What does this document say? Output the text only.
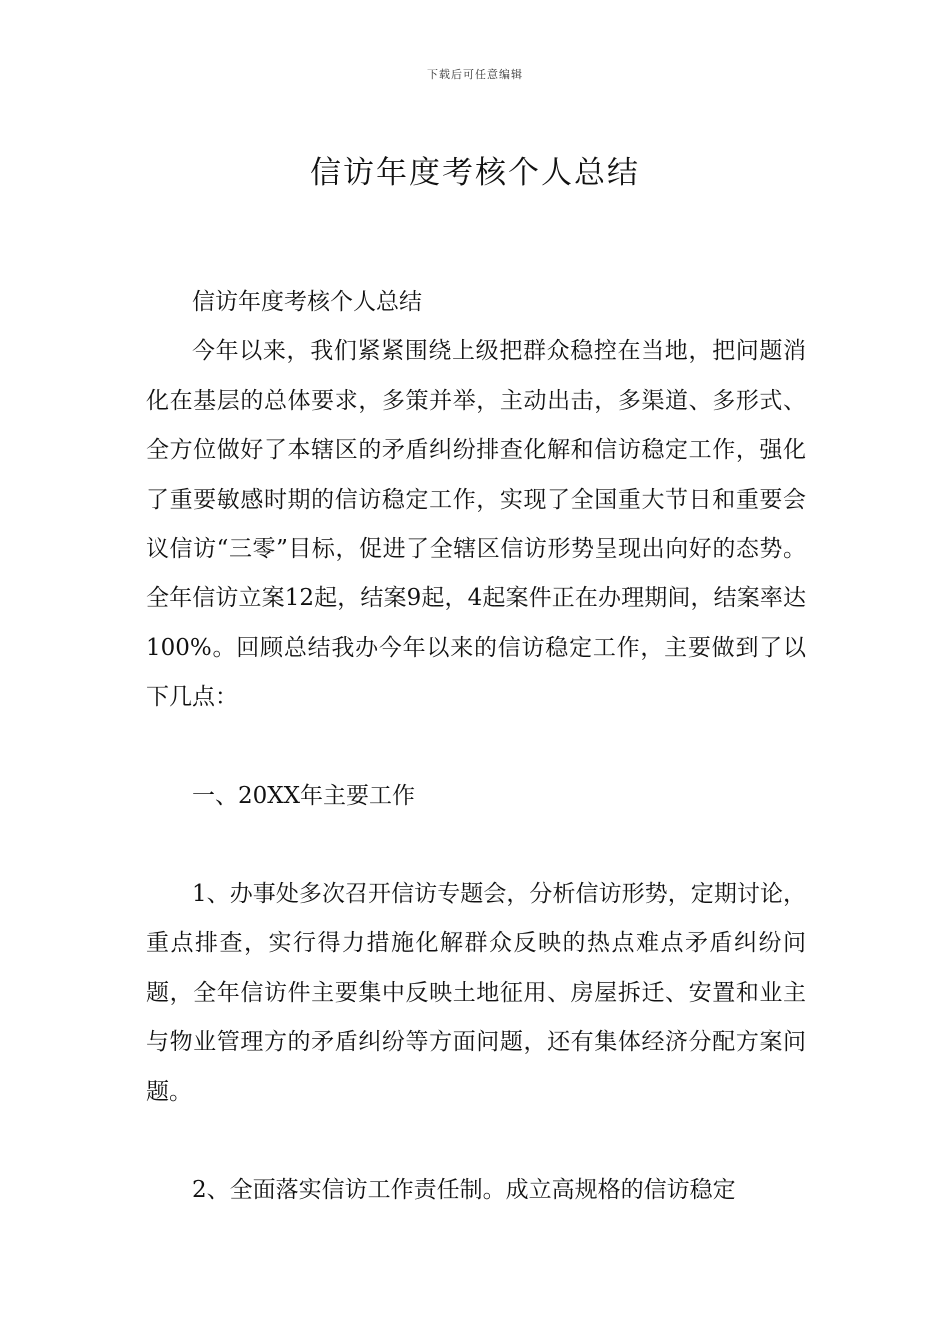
下载后可任意编辑
信访年度考核个人总结

信访年度考核个人总结

今年以来，我们紧紧围绕上级把群众稳控在当地，把问题消化在基层的总体要求，多策并举，主动出击，多渠道、多形式、全方位做好了本辖区的矛盾纠纷排查化解和信访稳定工作，强化了重要敏感时期的信访稳定工作，实现了全国重大节日和重要会议信访“三零”目标，促进了全辖区信访形势呈现出向好的态势。全年信访立案12起，结案9起，4起案件正在办理期间，结案率达100%。回顾总结我办今年以来的信访稳定工作，主要做到了以下几点：

一、20XX年主要工作

1、办事处多次召开信访专题会，分析信访形势，定期讨论，重点排查，实行得力措施化解群众反映的热点难点矛盾纠纷问题，全年信访件主要集中反映土地征用、房屋拆迁、安置和业主与物业管理方的矛盾纠纷等方面问题，还有集体经济分配方案问题。

2、全面落实信访工作责任制。成立高规格的信访稳定
